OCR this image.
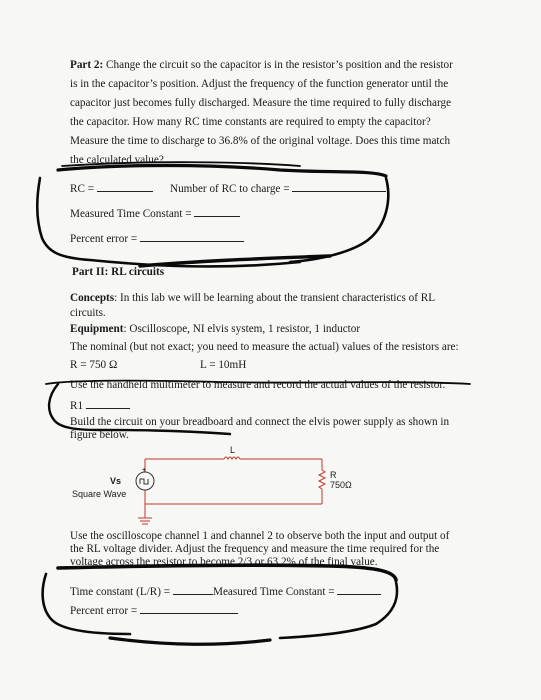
Part 2: Change the circuit so the capacitor is in the resistor’s position and the resistor is in the capacitor’s position. Adjust the frequency of the function generator until the capacitor just becomes fully discharged. Measure the time required to fully discharge the capacitor. How many RC time constants are required to empty the capacitor? Measure the time to discharge to 36.8% of the original voltage. Does this time match the calculated value?
RC =	Number of RC to charge =
Measured Time Constant =
Percent error =
Part II: RL circuits
Concepts: In this lab we will be learning about the transient characteristics of RL circuits.
Equipment: Oscilloscope, NI elvis system, 1 resistor, 1 inductor
The nominal (but not exact; you need to measure the actual) values of the resistors are:
R = 750 Ω	L = 10mH
Use the handheld multimeter to measure and record the actual values of the resistor.
R1
Build the circuit on your breadboard and connect the elvis power supply as shown in figure below.
+
L
Vs
Square Wave
R
750Ω
Use the oscilloscope channel 1 and channel 2 to observe both the input and output of the RL voltage divider. Adjust the frequency and measure the time required for the voltage across the resistor to become 2/3 or 63.2% of the final value.
Time constant (L/R) =	Measured Time Constant =
Percent error =
